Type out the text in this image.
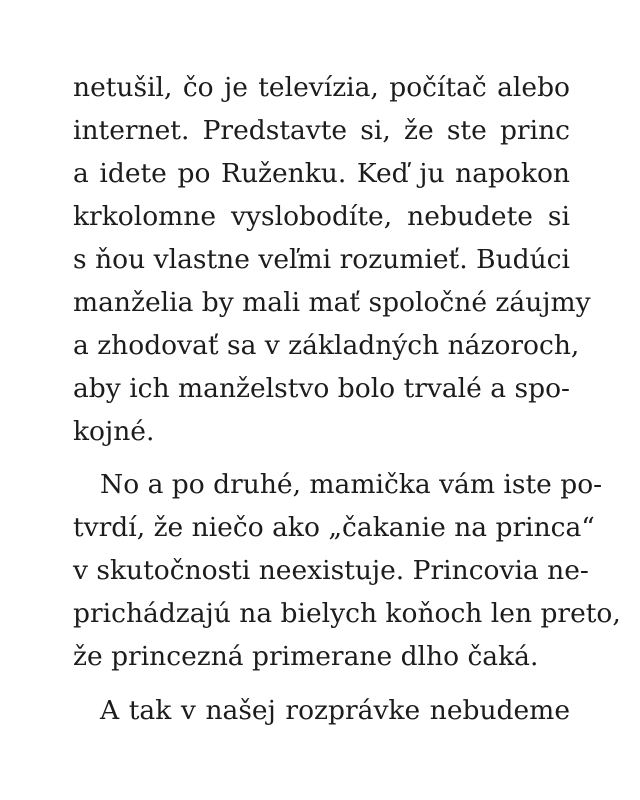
netušil, čo je televízia, počítač alebo
internet. Predstavte si, že ste princ
a idete po Ruženku. Keď ju napokon
krkolomne vyslobodíte, nebudete si
s ňou vlastne veľmi rozumieť. Budúci
manželia by mali mať spoločné záujmy
a zhodovať sa v základných názoroch,
aby ich manželstvo bolo trvalé a spo-
kojné.
No a po druhé, mamička vám iste po-
tvrdí, že niečo ako „čakanie na princa“
v skutočnosti neexistuje. Princovia ne-
prichádzajú na bielych koňoch len preto,
že princezná primerane dlho čaká.
A tak v našej rozprávke nebudeme
